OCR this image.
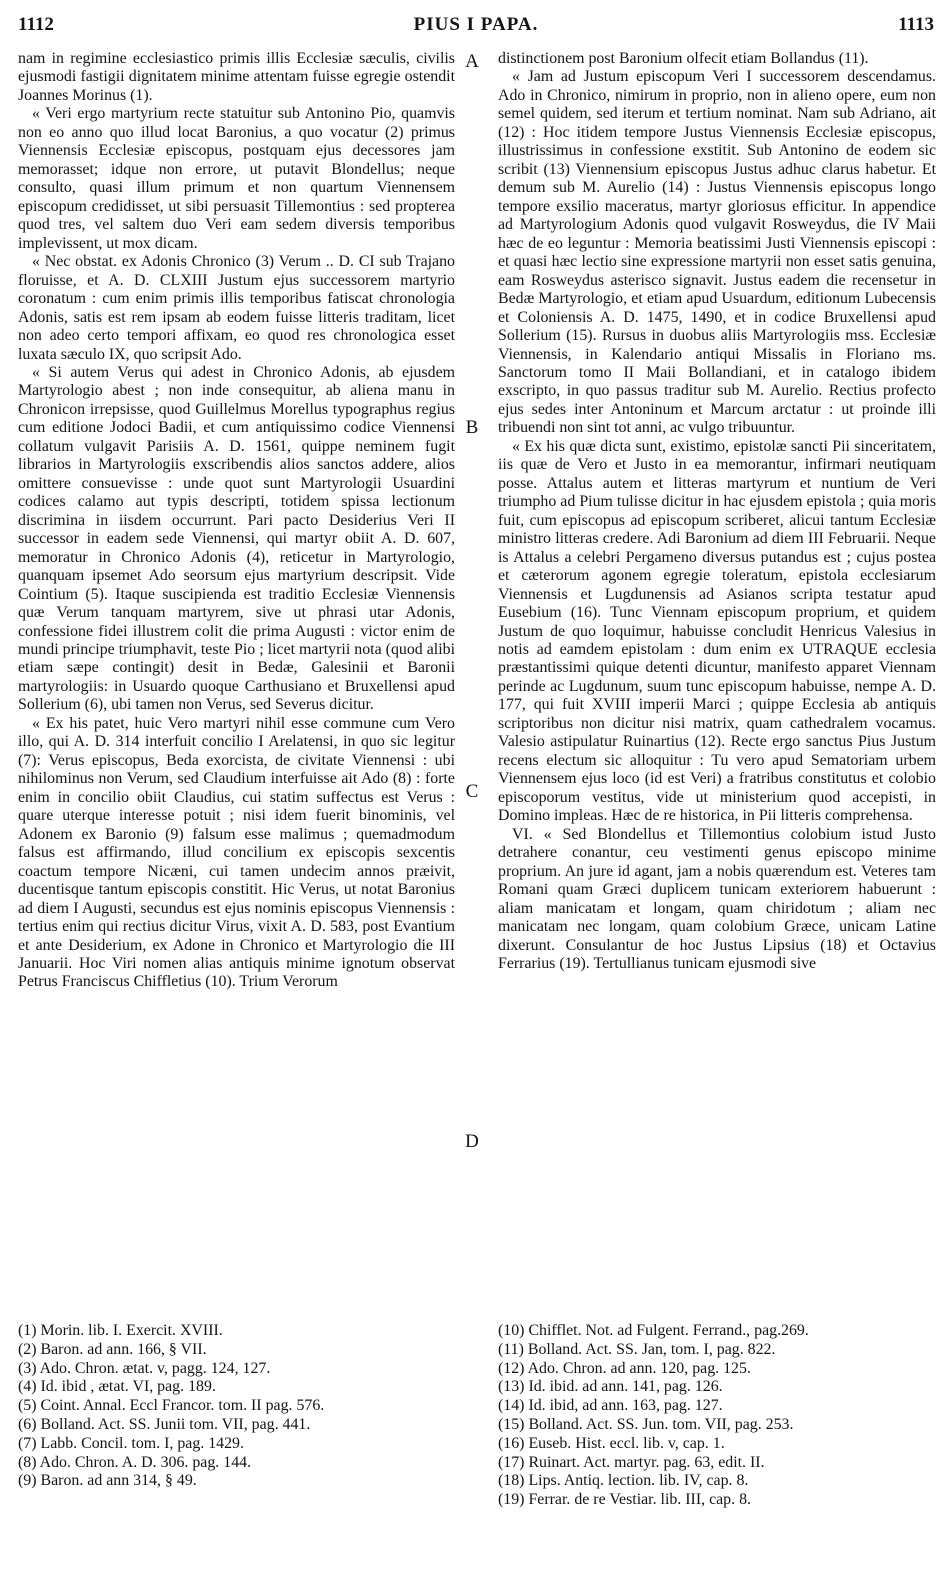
1112	PIUS I PAPA.	1113

nam in regimine ecclesiastico primis illis Ecclesiæ sæculis, civilis ejusmodi fastigii dignitatem minime attentam fuisse egregie ostendit Joannes Morinus (1).

« Veri ergo martyrium recte statuitur sub Antonino Pio, quamvis non eo anno quo illud locat Baronius, a quo vocatur (2) primus Viennensis Ecclesiæ episcopus, postquam ejus decessores jam memorasset; idque non errore, ut putavit Blondellus; neque consulto, quasi illum primum et non quartum Viennensem episcopum credidisset, ut sibi persuasit Tillemontius : sed propterea quod tres, vel saltem duo Veri eam sedem diversis temporibus implevissent, ut mox dicam.

« Nec obstat. ex Adonis Chronico (3) Verum .. D. CI sub Trajano floruisse, et A. D. CLXIII Justum ejus successorem martyrio coronatum : cum enim primis illis temporibus fatiscat chronologia Adonis, satis est rem ipsam ab eodem fuisse litteris traditam, licet non adeo certo tempori affixam, eo quod res chronologica esset luxata sæculo IX, quo scripsit Ado.

« Si autem Verus qui adest in Chronico Adonis, ab ejusdem Martyrologio abest ; non inde consequitur, ab aliena manu in Chronicon irrepsisse, quod Guillelmus Morellus typographus regius cum editione Jodoci Badii, et cum antiquissimo codice Viennensi collatum vulgavit Parisiis A. D. 1561, quippe neminem fugit librarios in Martyrologiis exscribendis alios sanctos addere, alios omittere consuevisse : unde quot sunt Martyrologii Usuardini codices calamo aut typis descripti, totidem spissa lectionum discrimina in iisdem occurrunt. Pari pacto Desiderius Veri II successor in eadem sede Viennensi, qui martyr obiit A. D. 607, memoratur in Chronico Adonis (4), reticetur in Martyrologio, quanquam ipsemet Ado seorsum ejus martyrium descripsit. Vide Cointium (5). Itaque suscipienda est traditio Ecclesiæ Viennensis quæ Verum tanquam martyrem, sive ut phrasi utar Adonis, confessione fidei illustrem colit die prima Augusti : victor enim de mundi principe triumphavit, teste Pio ; licet martyrii nota (quod alibi etiam sæpe contingit) desit in Bedæ, Galesinii et Baronii martyrologiis: in Usuardo quoque Carthusiano et Bruxellensi apud Sollerium (6), ubi tamen non Verus, sed Severus dicitur.

« Ex his patet, huic Vero martyri nihil esse commune cum Vero illo, qui A. D. 314 interfuit concilio I Arelatensi, in quo sic legitur (7): Verus episcopus, Beda exorcista, de civitate Viennensi : ubi nihilominus non Verum, sed Claudium interfuisse ait Ado (8) : forte enim in concilio obiit Claudius, cui statim suffectus est Verus : quare uterque interesse potuit ; nisi idem fuerit binominis, vel Adonem ex Baronio (9) falsum esse malimus ; quemadmodum falsus est affirmando, illud concilium ex episcopis sexcentis coactum tempore Nicæni, cui tamen undecim annos præivit, ducentisque tantum episcopis constitit. Hic Verus, ut notat Baronius ad diem I Augusti, secundus est ejus nominis episcopus Viennensis : tertius enim qui rectius dicitur Virus, vixit A. D. 583, post Evantium et ante Desiderium, ex Adone in Chronico et Martyrologio die III Januarii. Hoc Viri nomen alias antiquis minime ignotum observat Petrus Franciscus Chiffletius (10). Trium Verorum

A
B
C
D

distinctionem post Baronium olfecit etiam Bollandus (11).

« Jam ad Justum episcopum Veri I successorem descendamus. Ado in Chronico, nimirum in proprio, non in alieno opere, eum non semel quidem, sed iterum et tertium nominat. Nam sub Adriano, ait (12) : Hoc itidem tempore Justus Viennensis Ecclesiæ episcopus, illustrissimus in confessione exstitit. Sub Antonino de eodem sic scribit (13) Viennensium episcopus Justus adhuc clarus habetur. Et demum sub M. Aurelio (14) : Justus Viennensis episcopus longo tempore exsilio maceratus, martyr gloriosus efficitur. In appendice ad Martyrologium Adonis quod vulgavit Rosweydus, die IV Maii hæc de eo leguntur : Memoria beatissimi Justi Viennensis episcopi : et quasi hæc lectio sine expressione martyrii non esset satis genuina, eam Rosweydus asterisco signavit. Justus eadem die recensetur in Bedæ Martyrologio, et etiam apud Usuardum, editionum Lubecensis et Coloniensis A. D. 1475, 1490, et in codice Bruxellensi apud Sollerium (15). Rursus in duobus aliis Martyrologiis mss. Ecclesiæ Viennensis, in Kalendario antiqui Missalis in Floriano ms. Sanctorum tomo II Maii Bollandiani, et in catalogo ibidem exscripto, in quo passus traditur sub M. Aurelio. Rectius profecto ejus sedes inter Antoninum et Marcum arctatur : ut proinde illi tribuendi non sint tot anni, ac vulgo tribuuntur.

« Ex his quæ dicta sunt, existimo, epistolæ sancti Pii sinceritatem, iis quæ de Vero et Justo in ea memorantur, infirmari neutiquam posse. Attalus autem et litteras martyrum et nuntium de Veri triumpho ad Pium tulisse dicitur in hac ejusdem epistola ; quia moris fuit, cum episcopus ad episcopum scriberet, alicui tantum Ecclesiæ ministro litteras credere. Adi Baronium ad diem III Februarii. Neque is Attalus a celebri Pergameno diversus putandus est ; cujus postea et cæterorum agonem egregie toleratum, epistola ecclesiarum Viennensis et Lugdunensis ad Asianos scripta testatur apud Eusebium (16). Tunc Viennam episcopum proprium, et quidem Justum de quo loquimur, habuisse concludit Henricus Valesius in notis ad eamdem epistolam : dum enim ex UTRAQUE ecclesia præstantissimi quique detenti dicuntur, manifesto apparet Viennam perinde ac Lugdunum, suum tunc episcopum habuisse, nempe A. D. 177, qui fuit XVIII imperii Marci ; quippe Ecclesia ab antiquis scriptoribus non dicitur nisi matrix, quam cathedralem vocamus. Valesio astipulatur Ruinartius (12). Recte ergo sanctus Pius Justum recens electum sic alloquitur : Tu vero apud Sematoriam urbem Viennensem ejus loco (id est Veri) a fratribus constitutus et colobio episcoporum vestitus, vide ut ministerium quod accepisti, in Domino impleas. Hæc de re historica, in Pii litteris comprehensa.

VI. « Sed Blondellus et Tillemontius colobium istud Justo detrahere conantur, ceu vestimenti genus episcopo minime proprium. An jure id agant, jam a nobis quærendum est. Veteres tam Romani quam Græci duplicem tunicam exteriorem habuerunt : aliam manicatam et longam, quam chiridotum ; aliam nec manicatam nec longam, quam colobium Græce, unicam Latine dixerunt. Consulantur de hoc Justus Lipsius (18) et Octavius Ferrarius (19). Tertullianus tunicam ejusmodi sive

(1) Morin. lib. I. Exercit. XVIII.
(2) Baron. ad ann. 166, § VII.
(3) Ado. Chron. ætat. v, pagg. 124, 127.
(4) Id. ibid , ætat. VI, pag. 189.
(5) Coint. Annal. Eccl Francor. tom. II pag. 576.
(6) Bolland. Act. SS. Junii tom. VII, pag. 441.
(7) Labb. Concil. tom. I, pag. 1429.
(8) Ado. Chron. A. D. 306. pag. 144.
(9) Baron. ad ann 314, § 49.
(10) Chifflet. Not. ad Fulgent. Ferrand., pag.269.
(11) Bolland. Act. SS. Jan, tom. I, pag. 822.
(12) Ado. Chron. ad ann. 120, pag. 125.
(13) Id. ibid. ad ann. 141, pag. 126.
(14) Id. ibid, ad ann. 163, pag. 127.
(15) Bolland. Act. SS. Jun. tom. VII, pag. 253.
(16) Euseb. Hist. eccl. lib. v, cap. 1.
(17) Ruinart. Act. martyr. pag. 63, edit. II.
(18) Lips. Antiq. lection. lib. IV, cap. 8.
(19) Ferrar. de re Vestiar. lib. III, cap. 8.
